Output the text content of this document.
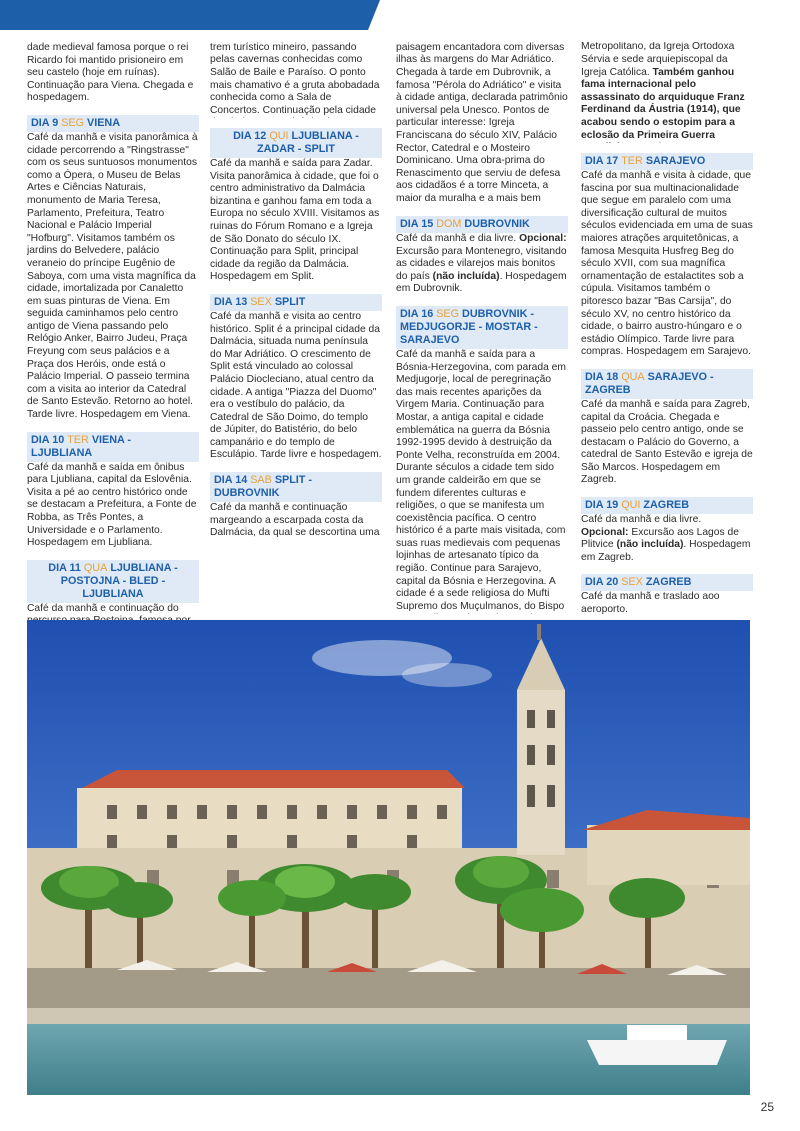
dade medieval famosa porque o rei Ricardo foi mantido prisioneiro em seu castelo (hoje em ruínas). Continuação para Viena. Chegada e hospedagem.

DIA 9 SEG VIENA

Café da manhã e visita panorâmica à cidade percorrendo a "Ringstrasse" com os seus suntuosos monumentos como a Ópera, o Museu de Belas Artes e Ciências Naturais, monumento de Maria Teresa, Parlamento, Prefeitura, Teatro Nacional e Palácio Imperial "Hofburg". Visitamos também os jardins do Belvedere, palácio veraneio do príncipe Eugênio de Saboya, com uma vista magnífica da cidade, imortalizada por Canaletto em suas pinturas de Viena. Em seguida caminhamos pelo centro antigo de Viena passando pelo Relógio Anker, Bairro Judeu, Praça Freyung com seus palácios e a Praça dos Heróis, onde está o Palácio Imperial. O passeio termina com a visita ao interior da Catedral de Santo Estevão. Retorno ao hotel. Tarde livre. Hospedagem em Viena.

DIA 10 TER VIENA - LJUBLIANA

Café da manhã e saída em ônibus para Ljubliana, capital da Eslovênia. Visita a pé ao centro histórico onde se destacam a Prefeitura, a Fonte de Robba, as Três Pontes, a Universidade e o Parlamento. Hospedagem em Ljubliana.

DIA 11 QUA LJUBLIANA - POSTOJNA - BLED - LJUBLIANA

Café da manhã e continuação do

trem turístico mineiro, passando pelas cavernas conhecidas como Salão de Baile e Paraíso. O ponto mais chamativo é a gruta abobadada conhecida como a Sala de Concertos. Continuação pela cidade

DIA 12 QUI LJUBLIANA - ZADAR - SPLIT

Café da manhã e saída para Zadar. Visita panorâmica à cidade, que foi o centro administrativo da Dalmácia bizantina e ganhou fama em toda a Europa no século XVIII. Visitamos as ruinas do Fórum Romano e a Igreja de São Donato do século IX. Continuação para Split, principal cidade da região da Dalmácia. Hospedagem em Split.

DIA 13 SEX SPLIT

Café da manhã e visita ao centro histórico. Split é a principal cidade da Dalmácia, situada numa península do Mar Adriático. O crescimento de Split está vinculado ao colossal Palácio Diocleciano, atual centro da cidade. A antiga "Piazza del Duomo" era o vestíbulo do palácio, da Catedral de São Doimo, do templo de Júpiter, do Batistério, do belo campanário e do templo de Esculápio. Tarde livre e hospedagem.

DIA 14 SAB SPLIT - DUBROVNIK

Café da manhã e continuação margeando a escarpada costa da Dalmácia, da qual se descortina uma

paisagem encantadora com diversas ilhas às margens do Mar Adriático. Chegada à tarde em Dubrovnik, a famosa "Pérola do Adriático" e visita à cidade antiga, declarada patrimônio universal pela Unesco. Pontos de particular interesse: Igreja Franciscana do século XIV, Palácio Rector, Catedral e o Mosteiro Dominicano. Uma obra-prima do Renascimento que serviu de defesa aos cidadãos é a torre Minceta, a maior da muralha e a mais bem

DIA 15 DOM DUBROVNIK

Café da manhã e dia livre. Opcional: Excursão para Montenegro, visitando as cidades e vilarejos mais bonitos do país (não incluída). Hospedagem em Dubrovnik.

DIA 16 SEG DUBROVNIK - MEDJUGORJE - MOSTAR - SARAJEVO

Café da manhã e saída para a Bósnia-Herzegovina, com parada em Medjugorje, local de peregrinação das mais recentes aparições da Virgem Maria. Continuação para Mostar, a antiga capital e cidade emblemática na guerra da Bósnia 1992-1995 devido à destruição da Ponte Velha, reconstruída em 2004. Durante séculos a cidade tem sido um grande caldeirão em que se fundem diferentes culturas e religiões, o que se manifesta um coexistência pacífica. O centro histórico é a parte mais visitada, com suas ruas medievais com pequenas lojinhas de artesanato típico da região. Continue para Sarajevo, capital da Bósnia e Herzegovina. A cidade é a sede religiosa do Mufti Supremo dos Muçulmanos, do Bispo

Metropolitano, da Igreja Ortodoxa Sérvia e sede arquiepiscopal da Igreja Católica. Também ganhou fama internacional pelo assassinato do arquiduque Franz Ferdinand da Áustria (1914), que acabou sendo o estopim para a eclosão da Primeira Guerra

DIA 17 TER SARAJEVO

Café da manhã e visita à cidade, que fascina por sua multinacionalidade que segue em paralelo com uma diversificação cultural de muitos séculos evidenciada em uma de suas maiores atrações arquitetônicas, a famosa Mesquita Husfreg Beg do século XVII, com sua magnífica ornamentação de estalactites sob a cúpula. Visitamos também o pitoresco bazar "Bas Carsija", do século XV, no centro histórico da cidade, o bairro austro-húngaro e o estádio Olímpico. Tarde livre para compras. Hospedagem em Sarajevo.

DIA 18 QUA SARAJEVO - ZAGREB

Café da manhã e saída para Zagreb, capital da Croácia. Chegada e passeio pelo centro antigo, onde se destacam o Palácio do Governo, a catedral de Santo Estevão e igreja de São Marcos. Hospedagem em Zagreb.

DIA 19 QUI ZAGREB

Café da manhã e dia livre.
Opcional: Excursão aos Lagos de Plitvice (não incluída). Hospedagem em Zagreb.

DIA 20 SEX ZAGREB

Café da manhã e traslado aoo aeroporto.

25
